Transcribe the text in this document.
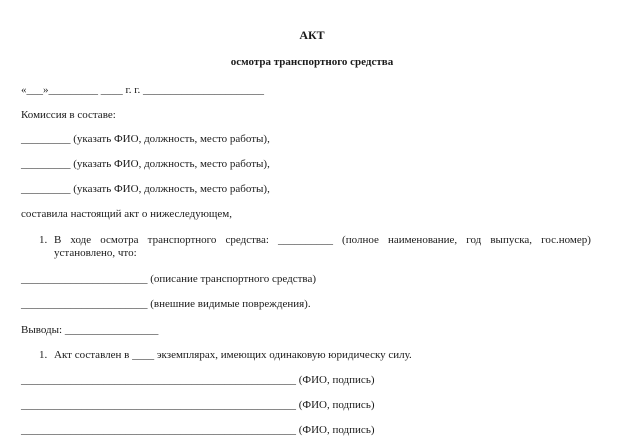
АКТ
осмотра транспортного средства
«___»_________ ____ г. г. ______________________
Комиссия в составе:
_________ (указать ФИО, должность, место работы),
_________ (указать ФИО, должность, место работы),
_________ (указать ФИО, должность, место работы),
составила настоящий акт о нижеследующем,
1. В ходе осмотра транспортного средства: __________ (полное наименование, год выпуска, гос.номер)
установлено, что:
_______________________ (описание транспортного средства)
_______________________ (внешние видимые повреждения).
Выводы: _________________
1. Акт составлен в ____ экземплярах, имеющих одинаковую юридическу силу.
__________________________________________________ (ФИО, подпись)
__________________________________________________ (ФИО, подпись)
__________________________________________________ (ФИО, подпись)
